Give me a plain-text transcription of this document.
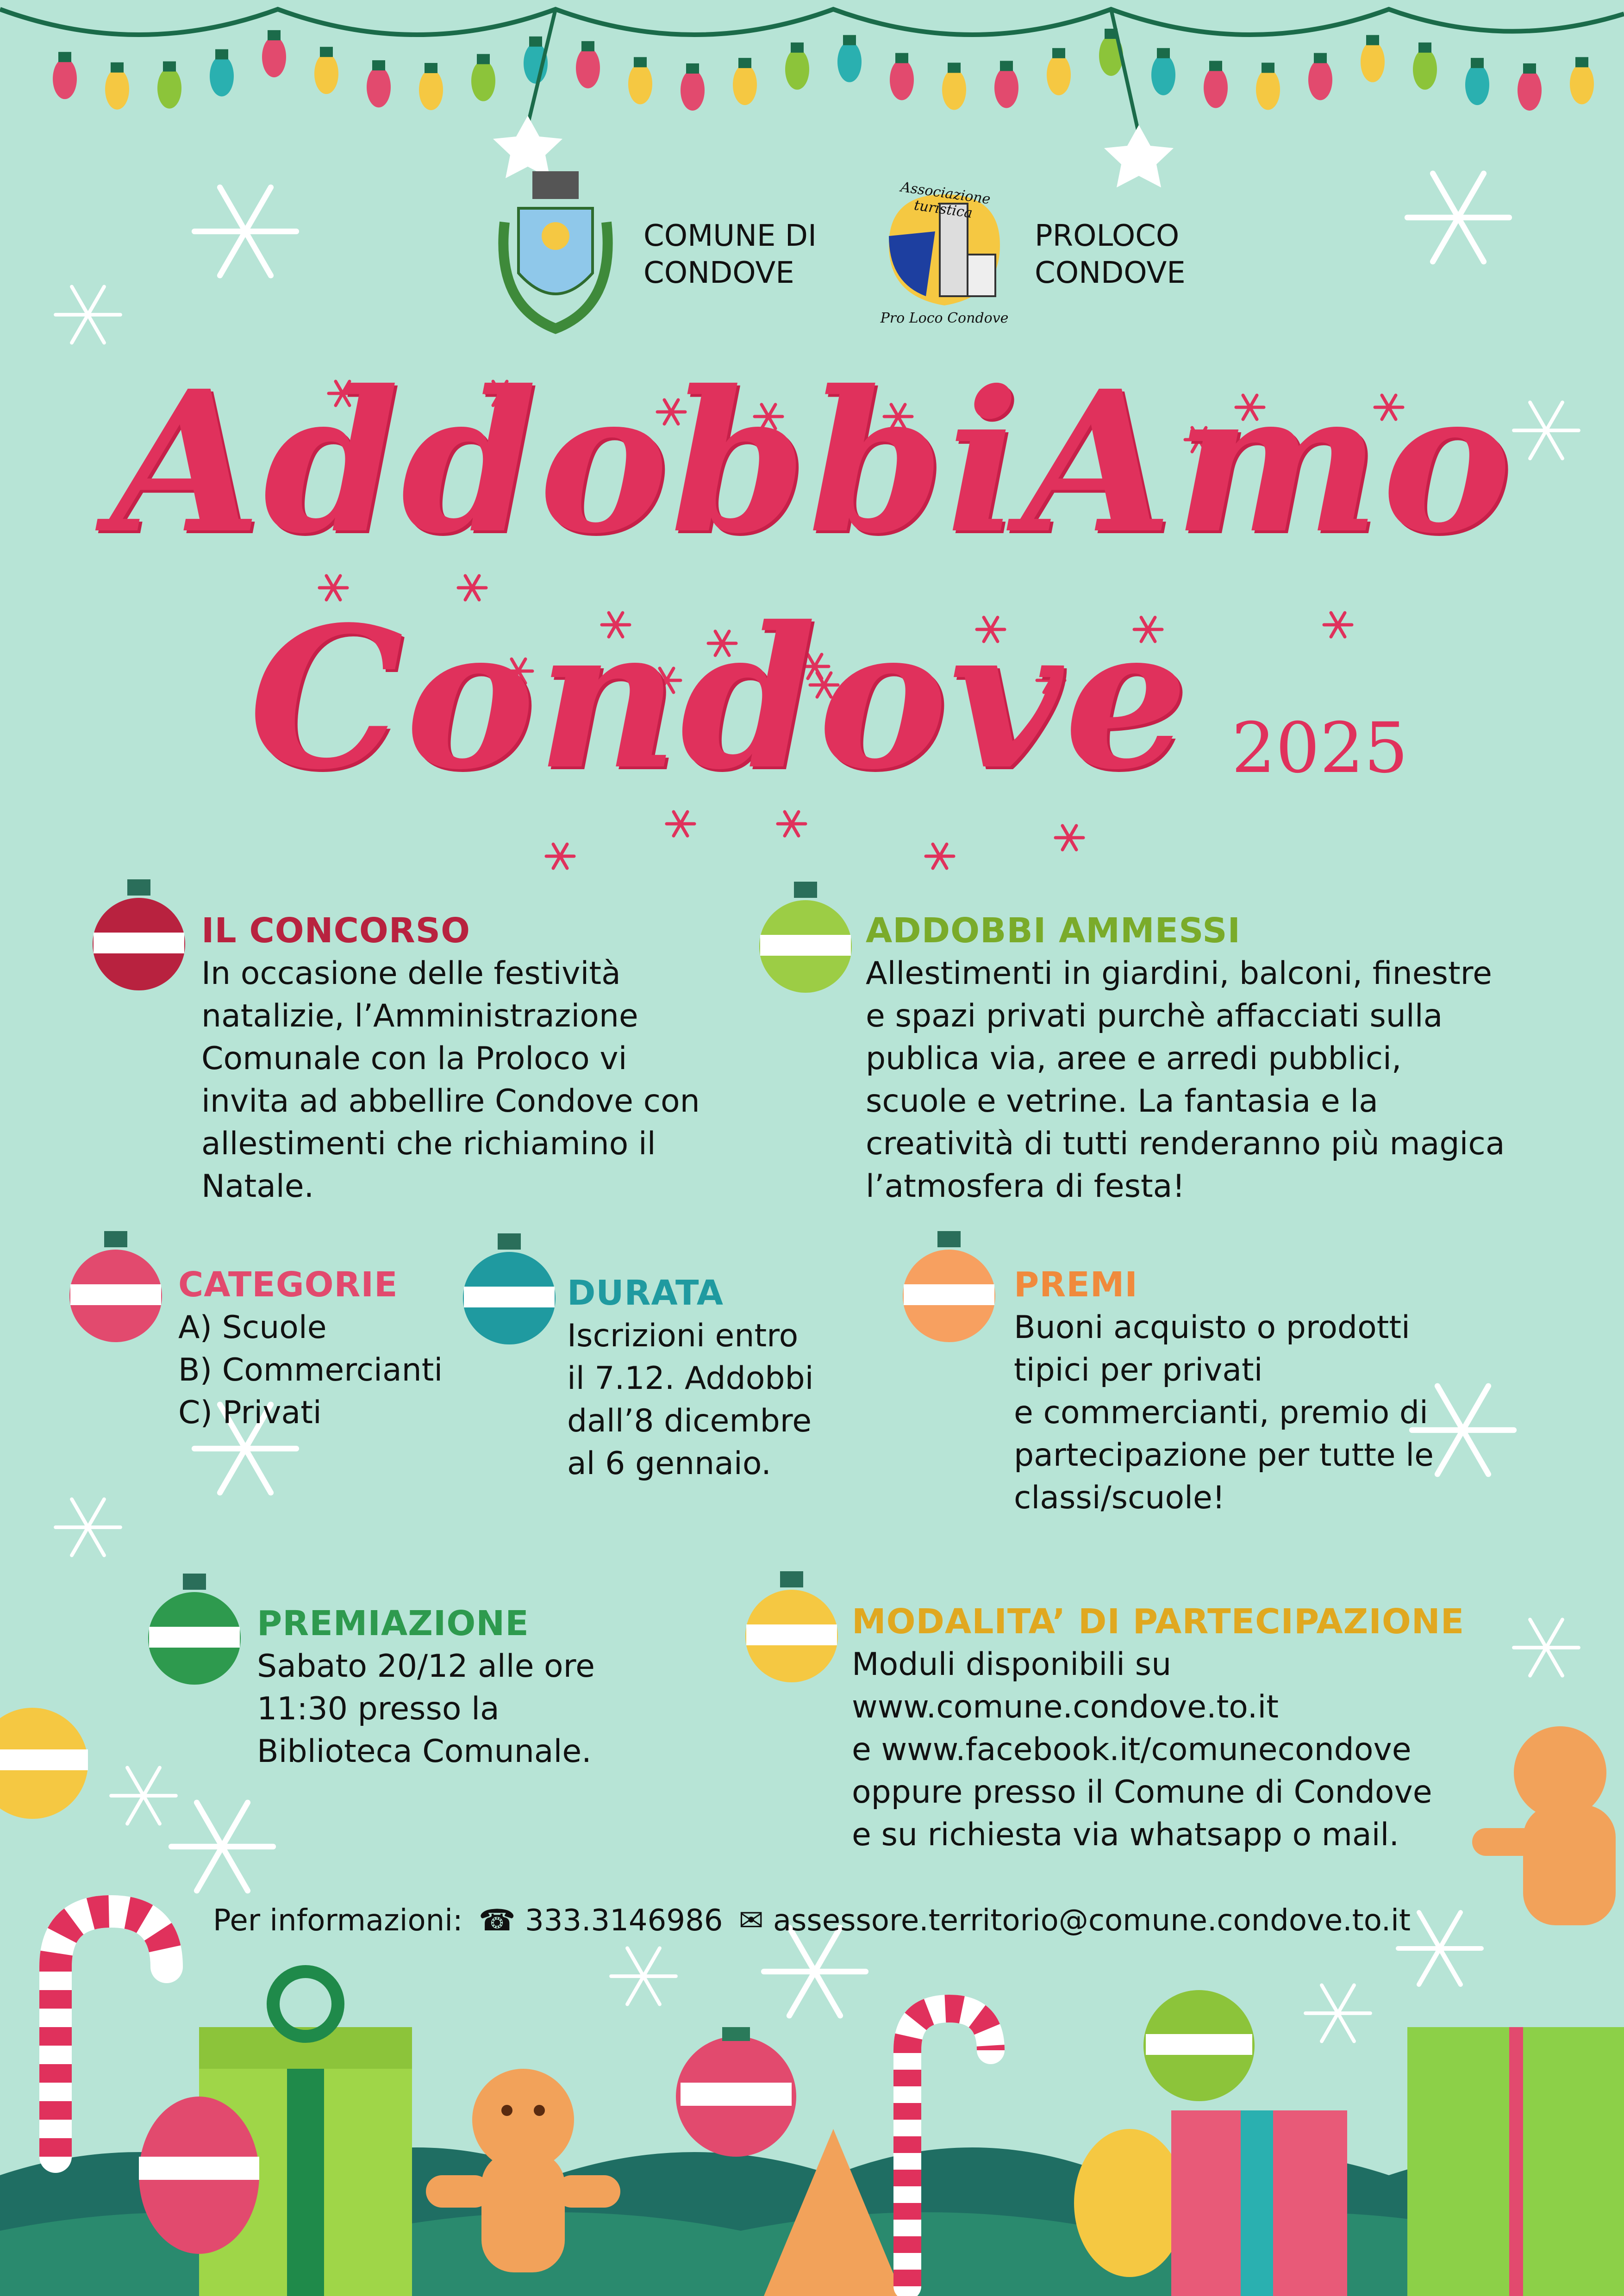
COMUNE DI
CONDOVE
Associazione turistica
Pro Loco Condove
PROLOCO
CONDOVE
AddobbiAmo
Condove 2025
IL CONCORSO
In occasione delle festività
natalizie, l’Amministrazione
Comunale con la Proloco vi
invita ad abbellire Condove con
allestimenti che richiamino il
Natale.
ADDOBBI AMMESSI
Allestimenti in giardini, balconi, finestre
e spazi privati purchè affacciati sulla
publica via, aree e arredi pubblici,
scuole e vetrine. La fantasia e la
creatività di tutti renderanno più magica
l’atmosfera di festa!
CATEGORIE
A) Scuole
B) Commercianti
C) Privati
DURATA
Iscrizioni entro
il 7.12. Addobbi
dall’8 dicembre
al 6 gennaio.
PREMI
Buoni acquisto o prodotti
tipici per privati
e commercianti, premio di
partecipazione per tutte le
classi/scuole!
PREMIAZIONE
Sabato 20/12 alle ore
11:30 presso la
Biblioteca Comunale.
MODALITA’ DI PARTECIPAZIONE
Moduli disponibili su
www.comune.condove.to.it
e www.facebook.it/comunecondove
oppure presso il Comune di Condove
e su richiesta via whatsapp o mail.
Per informazioni: ☎ 333.3146986 ✉ assessore.territorio@comune.condove.to.it
